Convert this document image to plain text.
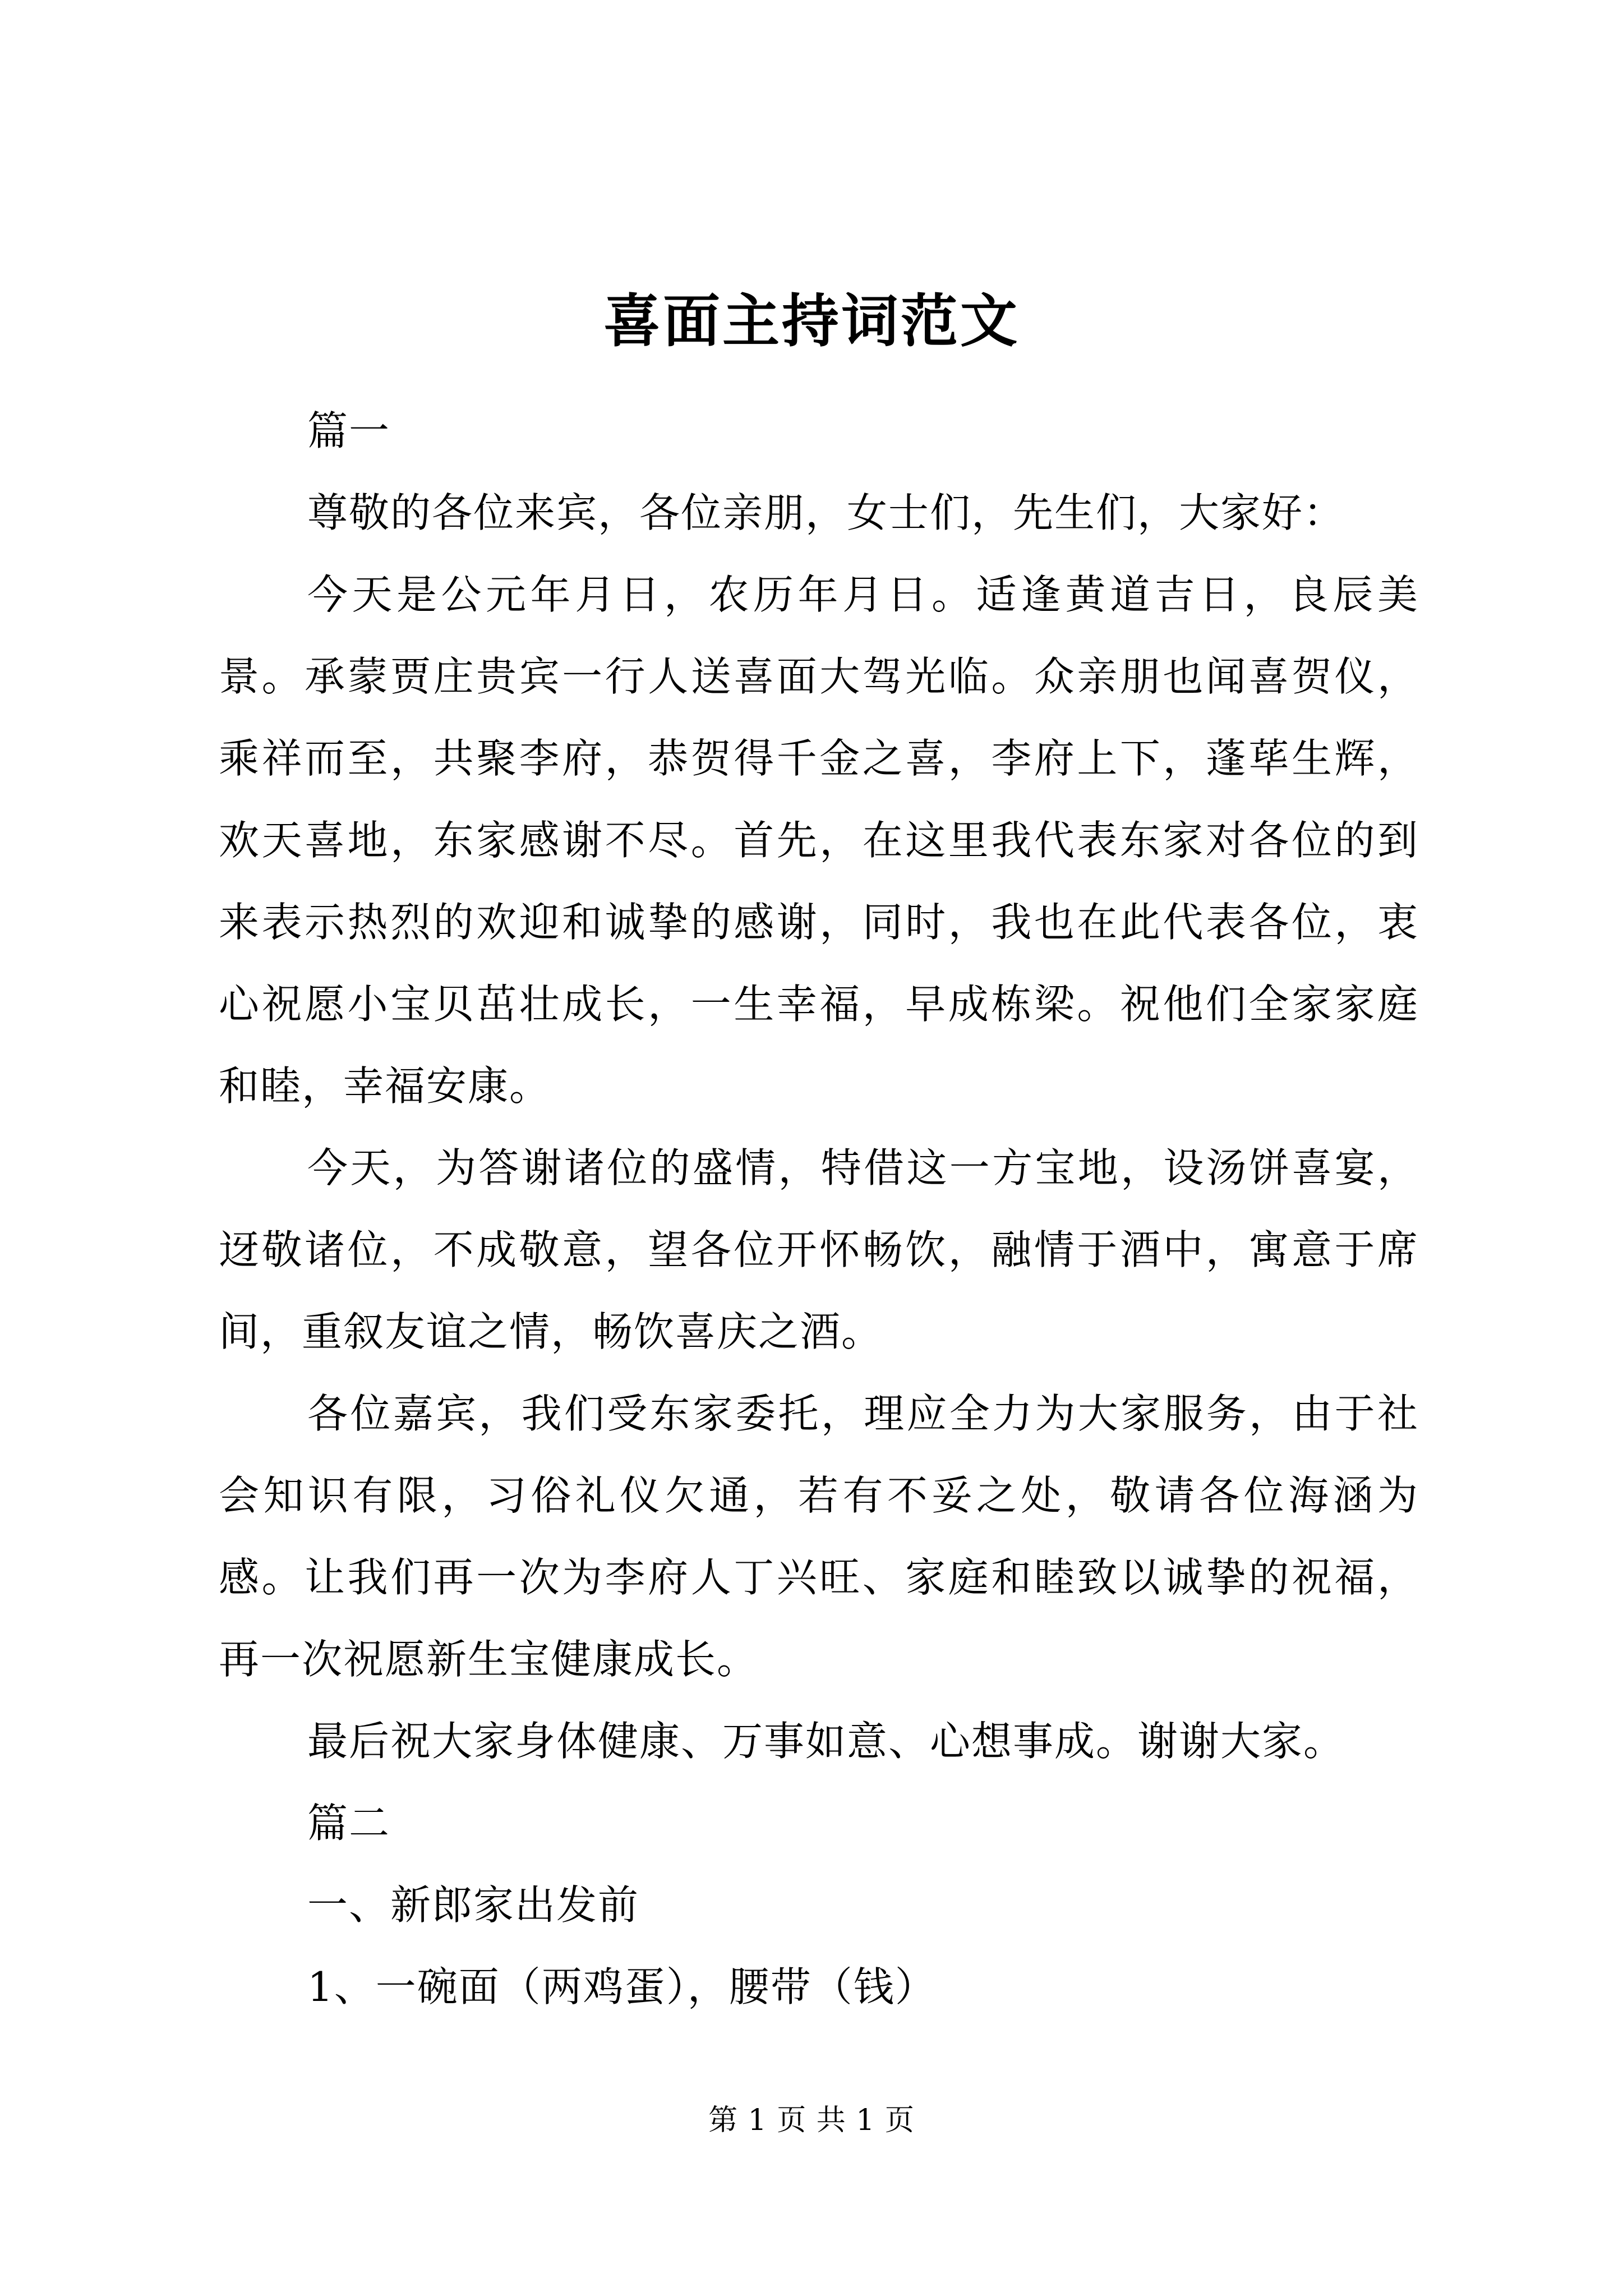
喜面主持词范文

篇一

尊敬的各位来宾，各位亲朋，女士们，先生们，大家好：

今天是公元年月日，农历年月日。适逢黄道吉日，良辰美景。承蒙贾庄贵宾一行人送喜面大驾光临。众亲朋也闻喜贺仪，乘祥而至，共聚李府，恭贺得千金之喜，李府上下，蓬荜生辉，欢天喜地，东家感谢不尽。首先，在这里我代表东家对各位的到来表示热烈的欢迎和诚挚的感谢，同时，我也在此代表各位，衷心祝愿小宝贝茁壮成长，一生幸福，早成栋梁。祝他们全家家庭和睦，幸福安康。

今天，为答谢诸位的盛情，特借这一方宝地，设汤饼喜宴，迓敬诸位，不成敬意，望各位开怀畅饮，融情于酒中，寓意于席间，重叙友谊之情，畅饮喜庆之酒。

各位嘉宾，我们受东家委托，理应全力为大家服务，由于社会知识有限，习俗礼仪欠通，若有不妥之处，敬请各位海涵为感。让我们再一次为李府人丁兴旺、家庭和睦致以诚挚的祝福，再一次祝愿新生宝健康成长。

最后祝大家身体健康、万事如意、心想事成。谢谢大家。

篇二

一、新郎家出发前

1、一碗面（两鸡蛋），腰带（钱）

第 1 页 共 1 页
